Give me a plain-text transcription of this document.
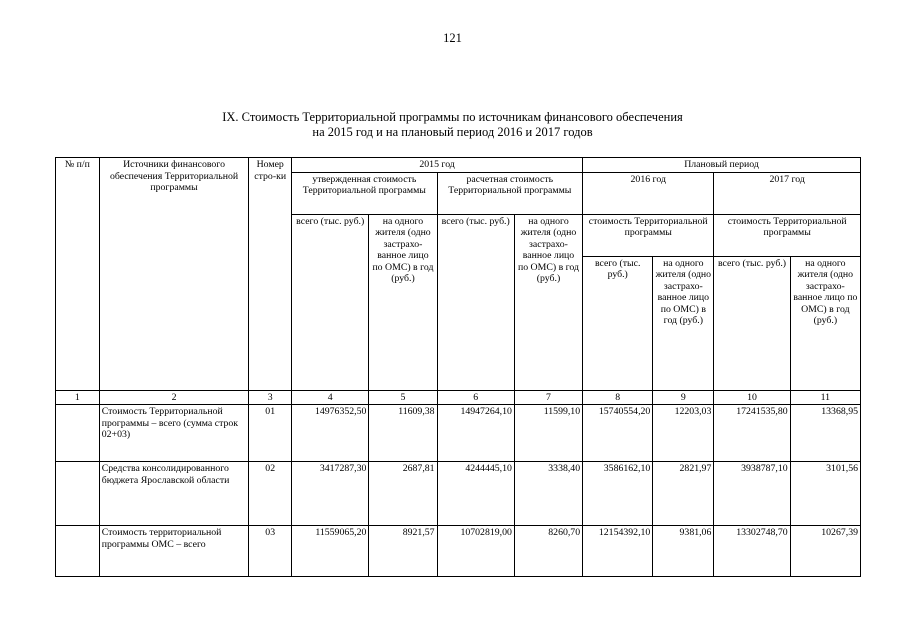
121
IX. Стоимость Территориальной программы по источникам финансового обеспечения
на 2015 год и на плановый период 2016 и 2017 годов
№ п/п	Источники финансового обеспечения Территориальной программы	Номер стро-ки	2015 год				Плановый период			
			утвержденная стоимость Территориальной программы		расчетная стоимость Территориальной программы		2016 год		2017 год	
			всего (тыс. руб.)	на одного жителя (одно застрахо-ванное лицо по ОМС) в год (руб.)	всего (тыс. руб.)	на одного жителя (одно застрахо-ванное лицо по ОМС) в год (руб.)	стоимость Территориальной программы		стоимость Территориальной программы	
							всего (тыс. руб.)	на одного жителя (одно застрахо-ванное лицо по ОМС) в год (руб.)	всего (тыс. руб.)	на одного жителя (одно застрахо-ванное лицо по ОМС) в год (руб.)
1	2	3	4	5	6	7	8	9	10	11
	Стоимость Территориальной программы – всего (сумма строк 02+03)	01	14976352,50	11609,38	14947264,10	11599,10	15740554,20	12203,03	17241535,80	13368,95
	Средства консолидированного бюджета Ярославской области	02	3417287,30	2687,81	4244445,10	3338,40	3586162,10	2821,97	3938787,10	3101,56
	Стоимость территориальной программы ОМС – всего	03	11559065,20	8921,57	10702819,00	8260,70	12154392,10	9381,06	13302748,70	10267,39
